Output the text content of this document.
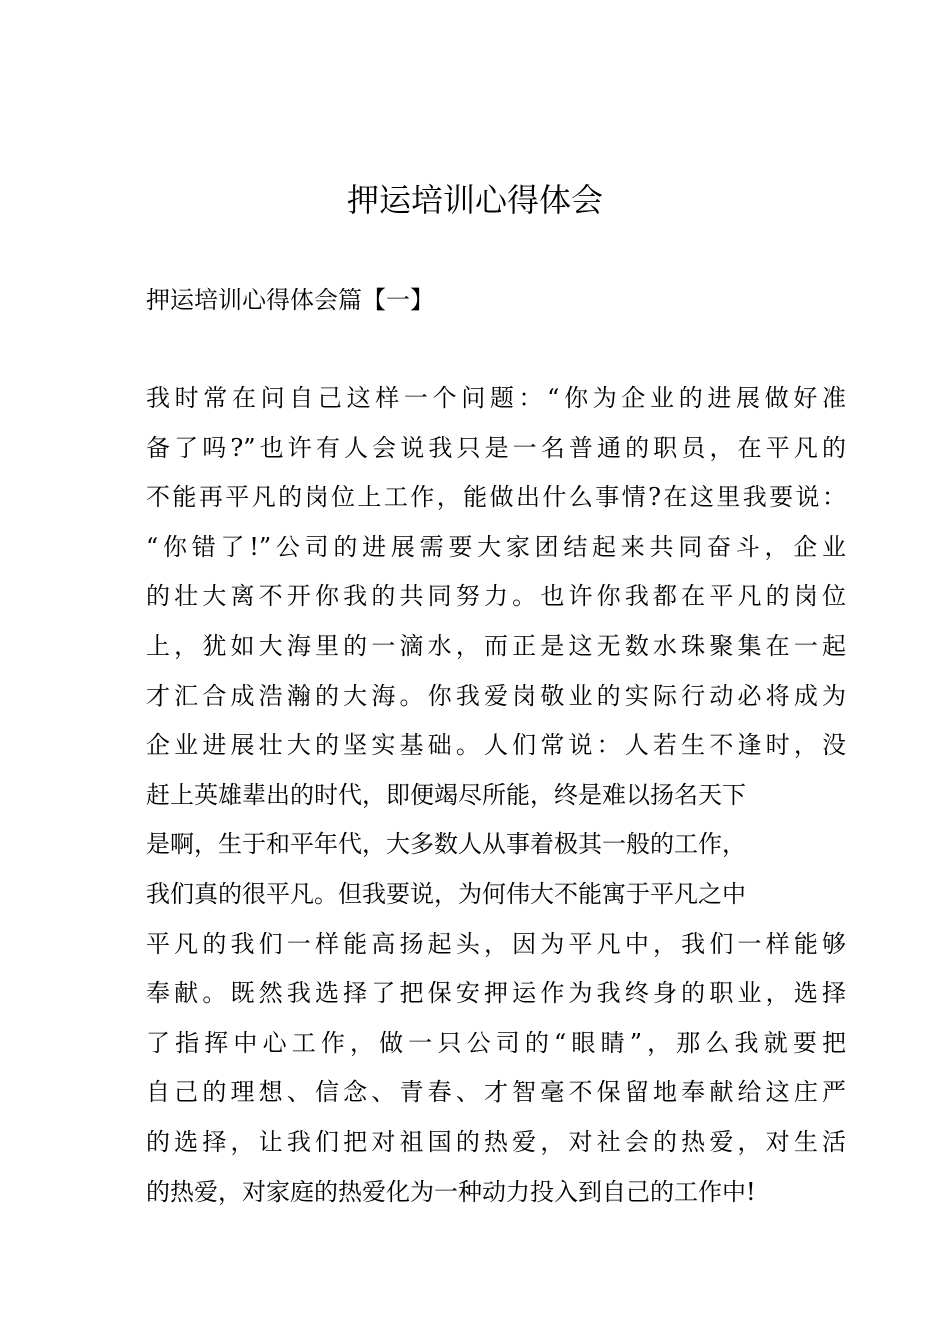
押运培训心得体会
押运培训心得体会篇【一】
我时常在问自己这样一个问题：“你为企业的进展做好准
备了吗?”也许有人会说我只是一名普通的职员，在平凡的
不能再平凡的岗位上工作，能做出什么事情?在这里我要说：
“你错了!”公司的进展需要大家团结起来共同奋斗，企业
的壮大离不开你我的共同努力。也许你我都在平凡的岗位
上，犹如大海里的一滴水，而正是这无数水珠聚集在一起
才汇合成浩瀚的大海。你我爱岗敬业的实际行动必将成为
企业进展壮大的坚实基础。人们常说：人若生不逢时，没
赶上英雄辈出的时代，即便竭尽所能，终是难以扬名天下
是啊，生于和平年代，大多数人从事着极其一般的工作，
我们真的很平凡。但我要说，为何伟大不能寓于平凡之中
平凡的我们一样能高扬起头，因为平凡中，我们一样能够
奉献。既然我选择了把保安押运作为我终身的职业，选择
了指挥中心工作，做一只公司的“眼睛”，那么我就要把
自己的理想、信念、青春、才智毫不保留地奉献给这庄严
的选择，让我们把对祖国的热爱，对社会的热爱，对生活
的热爱，对家庭的热爱化为一种动力投入到自己的工作中!
